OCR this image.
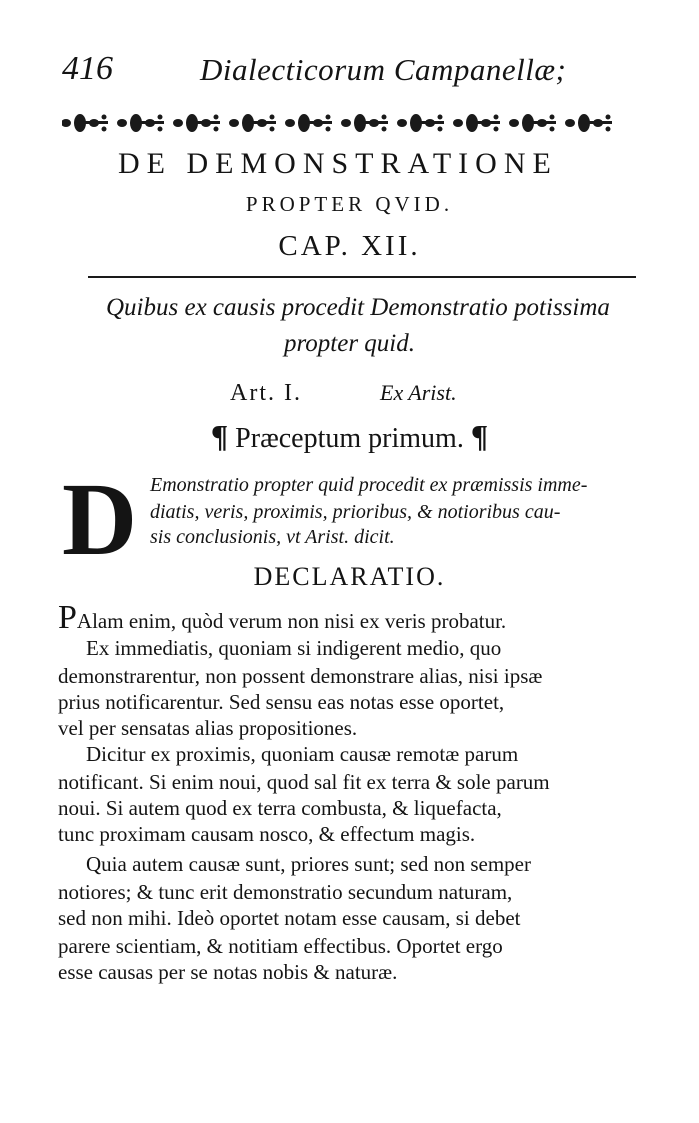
416	Dialecticorum Campanellæ;
DE DEMONSTRATIONE
PROPTER QVID.
CAP. XII.
Quibus ex causis procedit Demonstratio potissima
propter quid.
Art. I.	Ex Arist.
¶ Præceptum primum. ¶
D Emonstratio propter quid procedit ex præmissis imme-
diatis, veris, proximis, prioribus, & notioribus cau-
sis conclusionis, vt Arist. dicit.
DECLARATIO.
PAlam enim, quòd verum non nisi ex veris probatur.
Ex immediatis, quoniam si indigerent medio, quo
demonstrarentur, non possent demonstrare alias, nisi ipsæ
prius notificarentur. Sed sensu eas notas esse oportet,
vel per sensatas alias propositiones.
Dicitur ex proximis, quoniam causæ remotæ parum
notificant. Si enim noui, quod sal fit ex terra & sole parum
noui. Si autem quod ex terra combusta, & liquefacta,
tunc proximam causam nosco, & effectum magis.
Quia autem causæ sunt, priores sunt; sed non semper
notiores; & tunc erit demonstratio secundum naturam,
sed non mihi. Ideò oportet notam esse causam, si debet
parere scientiam, & notitiam effectibus. Oportet ergo
esse causas per se notas nobis & naturæ.
